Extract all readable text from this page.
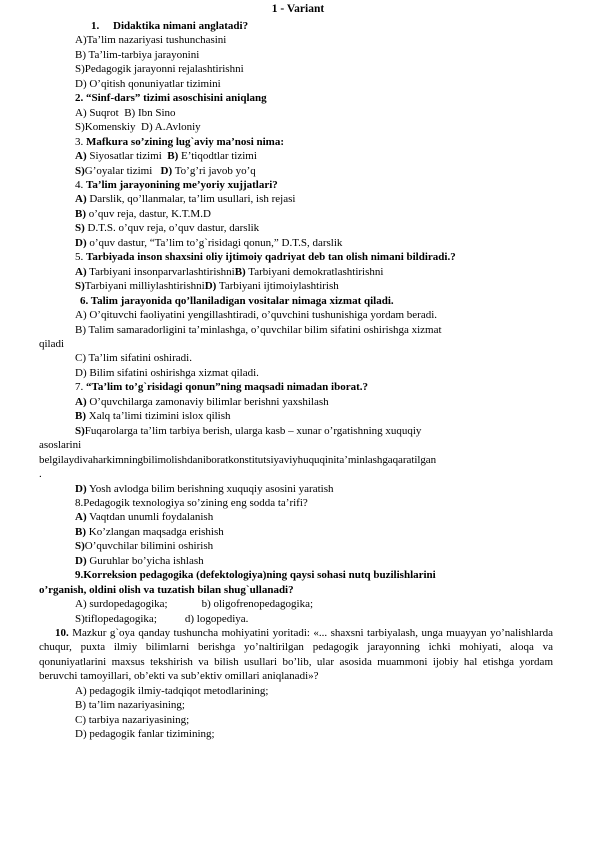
1 - Variant
1. Didaktika nimani anglatadi?
A)Ta’lim nazariyasi tushunchasini
B) Ta’lim-tarbiya jarayonini
S)Pedagogik jarayonni rejalashtirishni
D) O’qitish qonuniyatlar tizimini
2. “Sinf-dars” tizimi asoschisini aniqlang
A) Suqrot B) Ibn Sino
S)Komenskiy D) A.Avloniy
3. Mafkura so’zining lug`aviy ma’nosi nima:
A) Siyosatlar tizimi B) E’tiqodtlar tizimi
S)G’oyalar tizimi D) To’g’ri javob yo’q
4. Ta’lim jarayonining me’yoriy xujjatlari?
A) Darslik, qo’llanmalar, ta’lim usullari, ish rejasi
B) o’quv reja, dastur, K.T.M.D
S) D.T.S. o’quv reja, o’quv dastur, darslik
D) o’quv dastur, “Ta’lim to’g`risidagi qonun,” D.T.S, darslik
5. Tarbiyada inson shaxsini oliy ijtimoiy qadriyat deb tan olish nimani bildiradi.?
A) Tarbiyani insonparvarlashtirishniB) Tarbiyani demokratlashtirishni
S)Tarbiyani milliylashtirishniD) Tarbiyani ijtimoiylashtirish
6. Talim jarayonida qo’llaniladigan vositalar nimaga xizmat qiladi.
A) O’qituvchi faoliyatini yengillashtiradi, o’quvchini tushunishiga yordam beradi.
B) Talim samaradorligini ta’minlashga, o’quvchilar bilim sifatini oshirishga xizmat
qiladi
C) Ta’lim sifatini oshiradi.
D) Bilim sifatini oshirishga xizmat qiladi.
7. “Ta’lim to’g`risidagi qonun”ning maqsadi nimadan iborat.?
A) O’quvchilarga zamonaviy bilimlar berishni yaxshilash
B) Xalq ta’limi tizimini islox qilish
S)Fuqarolarga ta’lim tarbiya berish, ularga kasb – xunar o’rgatishning xuquqiy
asoslarini
belgilaydivaharkimningbilimolishdaniboratkonstitutsiyaviyhuquqinita’minlashgaqaratilgan
.
D) Yosh avlodga bilim berishning xuquqiy asosini yaratish
8.Pedagogik texnologiya so’zining eng sodda ta’rifi?
A) Vaqtdan unumli foydalanish
B) Ko’zlangan maqsadga erishish
S)O’quvchilar bilimini oshirish
D) Guruhlar bo’yicha ishlash
9.Korreksion pedagogika (defektologiya)ning qaysi sohasi nutq buzilishlarini
o’rganish, oldini olish va tuzatish bilan shug`ullanadi?
A) surdopedagogika;	b) oligofrenopedagogika;
S)tiflopedagogika;	d) logopediya.
10. Mazkur g`oya qanday tushuncha mohiyatini yoritadi: «... shaxsni tarbiyalash, unga muayyan yo’nalishlarda chuqur, puxta ilmiy bilimlarni berishga yo’naltirilgan pedagogik jarayonning ichki mohiyati, aloqa va qonuniyatlarini maxsus tekshirish va bilish usullari bo’lib, ular asosida muammoni ijobiy hal etishga yordam beruvchi tamoyillari, ob’ekti va sub’ektiv omillari aniqlanadi»?
A) pedagogik ilmiy-tadqiqot metodlarining;
B) ta’lim nazariyasining;
C) tarbiya nazariyasining;
D) pedagogik fanlar tizimining;
